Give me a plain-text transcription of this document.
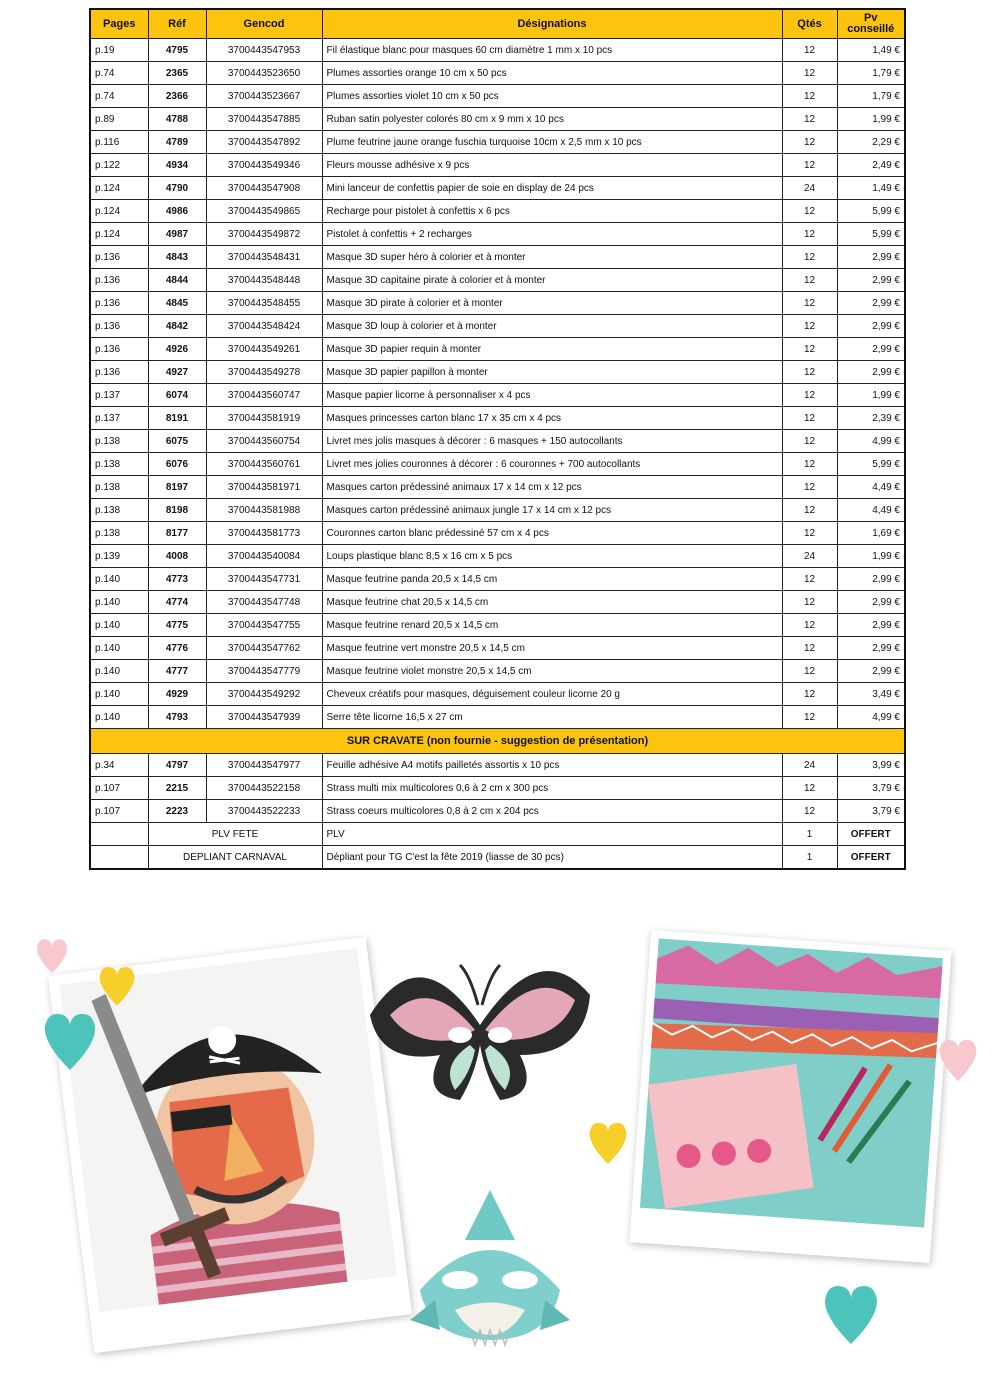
Pages	Réf	Gencod	Désignations	Qtés	Pv conseillé
p.19	4795	3700443547953	Fil élastique blanc pour masques 60 cm diamètre 1 mm x 10 pcs	12	1,49 €
p.74	2365	3700443523650	Plumes assorties orange 10 cm x 50 pcs	12	1,79 €
p.74	2366	3700443523667	Plumes assorties violet 10 cm x 50 pcs	12	1,79 €
p.89	4788	3700443547885	Ruban satin polyester colorés 80 cm x 9 mm x 10 pcs	12	1,99 €
p.116	4789	3700443547892	Plume feutrine jaune orange fuschia turquoise 10cm x 2,5 mm x 10 pcs	12	2,29 €
p.122	4934	3700443549346	Fleurs mousse adhésive x 9 pcs	12	2,49 €
p.124	4790	3700443547908	Mini lanceur de confettis papier de soie en display de 24 pcs	24	1,49 €
p.124	4986	3700443549865	Recharge pour pistolet à confettis x 6 pcs	12	5,99 €
p.124	4987	3700443549872	Pistolet à confettis + 2 recharges	12	5,99 €
p.136	4843	3700443548431	Masque 3D super héro à colorier et à monter	12	2,99 €
p.136	4844	3700443548448	Masque 3D capitaine pirate à colorier et à monter	12	2,99 €
p.136	4845	3700443548455	Masque 3D pirate à colorier et à monter	12	2,99 €
p.136	4842	3700443548424	Masque 3D loup à colorier et à monter	12	2,99 €
p.136	4926	3700443549261	Masque 3D papier requin à monter	12	2,99 €
p.136	4927	3700443549278	Masque 3D papier papillon à monter	12	2,99 €
p.137	6074	3700443560747	Masque papier licorne à personnaliser x 4 pcs	12	1,99 €
p.137	8191	3700443581919	Masques princesses carton blanc 17 x 35 cm x 4 pcs	12	2,39 €
p.138	6075	3700443560754	Livret mes jolis masques à décorer : 6 masques + 150 autocollants	12	4,99 €
p.138	6076	3700443560761	Livret mes jolies couronnes à décorer : 6 couronnes + 700 autocollants	12	5,99 €
p.138	8197	3700443581971	Masques carton prédessiné animaux 17 x 14 cm x 12 pcs	12	4,49 €
p.138	8198	3700443581988	Masques carton prédessiné animaux jungle 17 x 14 cm x 12 pcs	12	4,49 €
p.138	8177	3700443581773	Couronnes carton blanc prédessiné 57 cm x 4 pcs	12	1,69 €
p.139	4008	3700443540084	Loups plastique blanc 8,5 x 16 cm x 5 pcs	24	1,99 €
p.140	4773	3700443547731	Masque feutrine panda 20,5 x 14,5 cm	12	2,99 €
p.140	4774	3700443547748	Masque feutrine chat 20,5 x 14,5 cm	12	2,99 €
p.140	4775	3700443547755	Masque feutrine renard 20,5 x 14,5 cm	12	2,99 €
p.140	4776	3700443547762	Masque feutrine vert monstre 20,5 x 14,5 cm	12	2,99 €
p.140	4777	3700443547779	Masque feutrine violet monstre 20,5 x 14,5 cm	12	2,99 €
p.140	4929	3700443549292	Cheveux créatifs pour masques, déguisement couleur licorne 20 g	12	3,49 €
p.140	4793	3700443547939	Serre tête licorne 16,5 x 27 cm	12	4,99 €
SUR CRAVATE (non fournie - suggestion de présentation)					
p.34	4797	3700443547977	Feuille adhésive A4 motifs pailletés assortis x 10 pcs	24	3,99 €
p.107	2215	3700443522158	Strass multi mix multicolores 0,6 à 2 cm x 300 pcs	12	3,79 €
p.107	2223	3700443522233	Strass coeurs multicolores 0,8 à 2 cm x 204 pcs	12	3,79 €
	PLV FETE		PLV	1	OFFERT
	DEPLIANT CARNAVAL		Dépliant pour TG C'est la fête 2019 (liasse de 30 pcs)	1	OFFERT
